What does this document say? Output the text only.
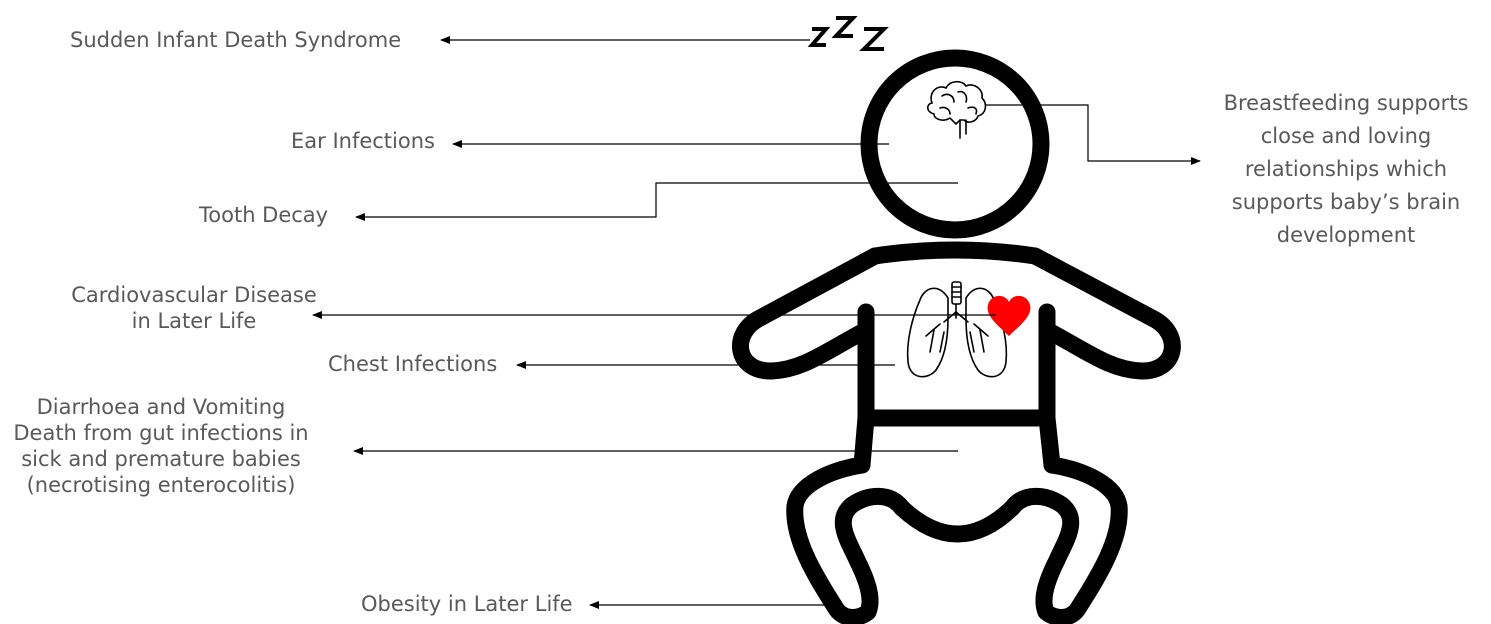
Sudden Infant Death Syndrome
Ear Infections
Tooth Decay
Cardiovascular Disease
in Later Life
Chest Infections
Diarrhoea and Vomiting
Death from gut infections in
sick and premature babies
(necrotising enterocolitis)
Obesity in Later Life
Breastfeeding supports
close and loving
relationships which
supports baby’s brain
development
